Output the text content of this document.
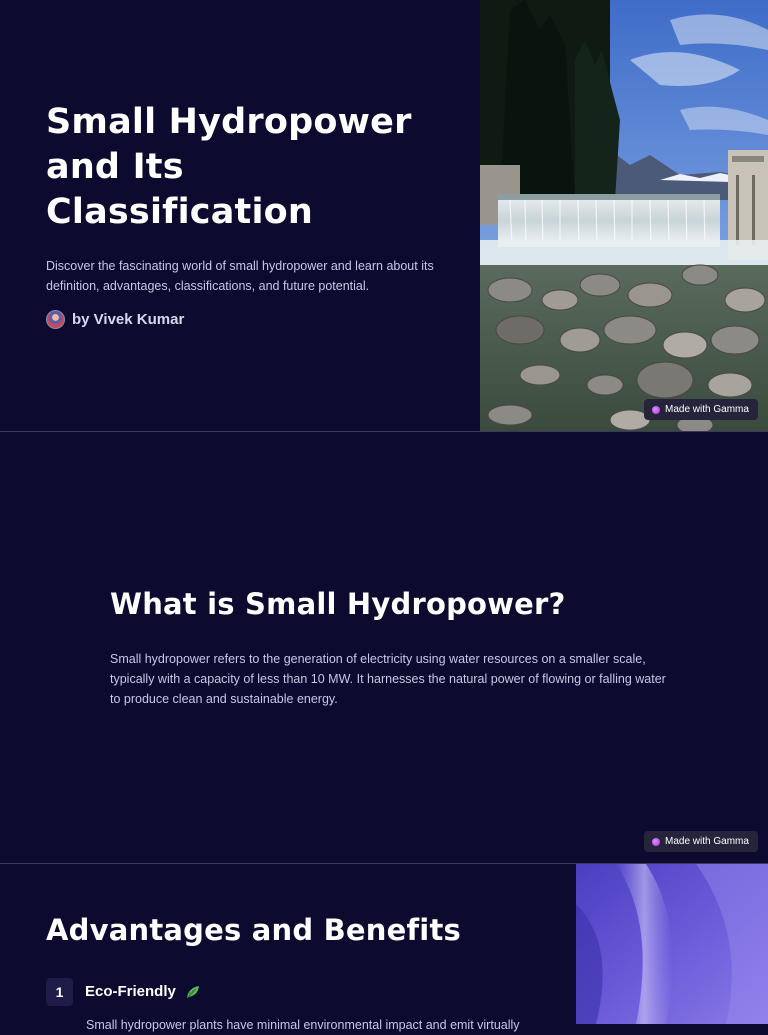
Small Hydropower and Its Classification

Discover the fascinating world of small hydropower and learn about its definition, advantages, classifications, and future potential.

by Vivek Kumar
Made with Gamma
What is Small Hydropower?

Small hydropower refers to the generation of electricity using water resources on a smaller scale, typically with a capacity of less than 10 MW. It harnesses the natural power of flowing or falling water to produce clean and sustainable energy.

Made with Gamma
Advantages and Benefits
1	Eco-Friendly

Small hydropower plants have minimal environmental impact and emit virtually
